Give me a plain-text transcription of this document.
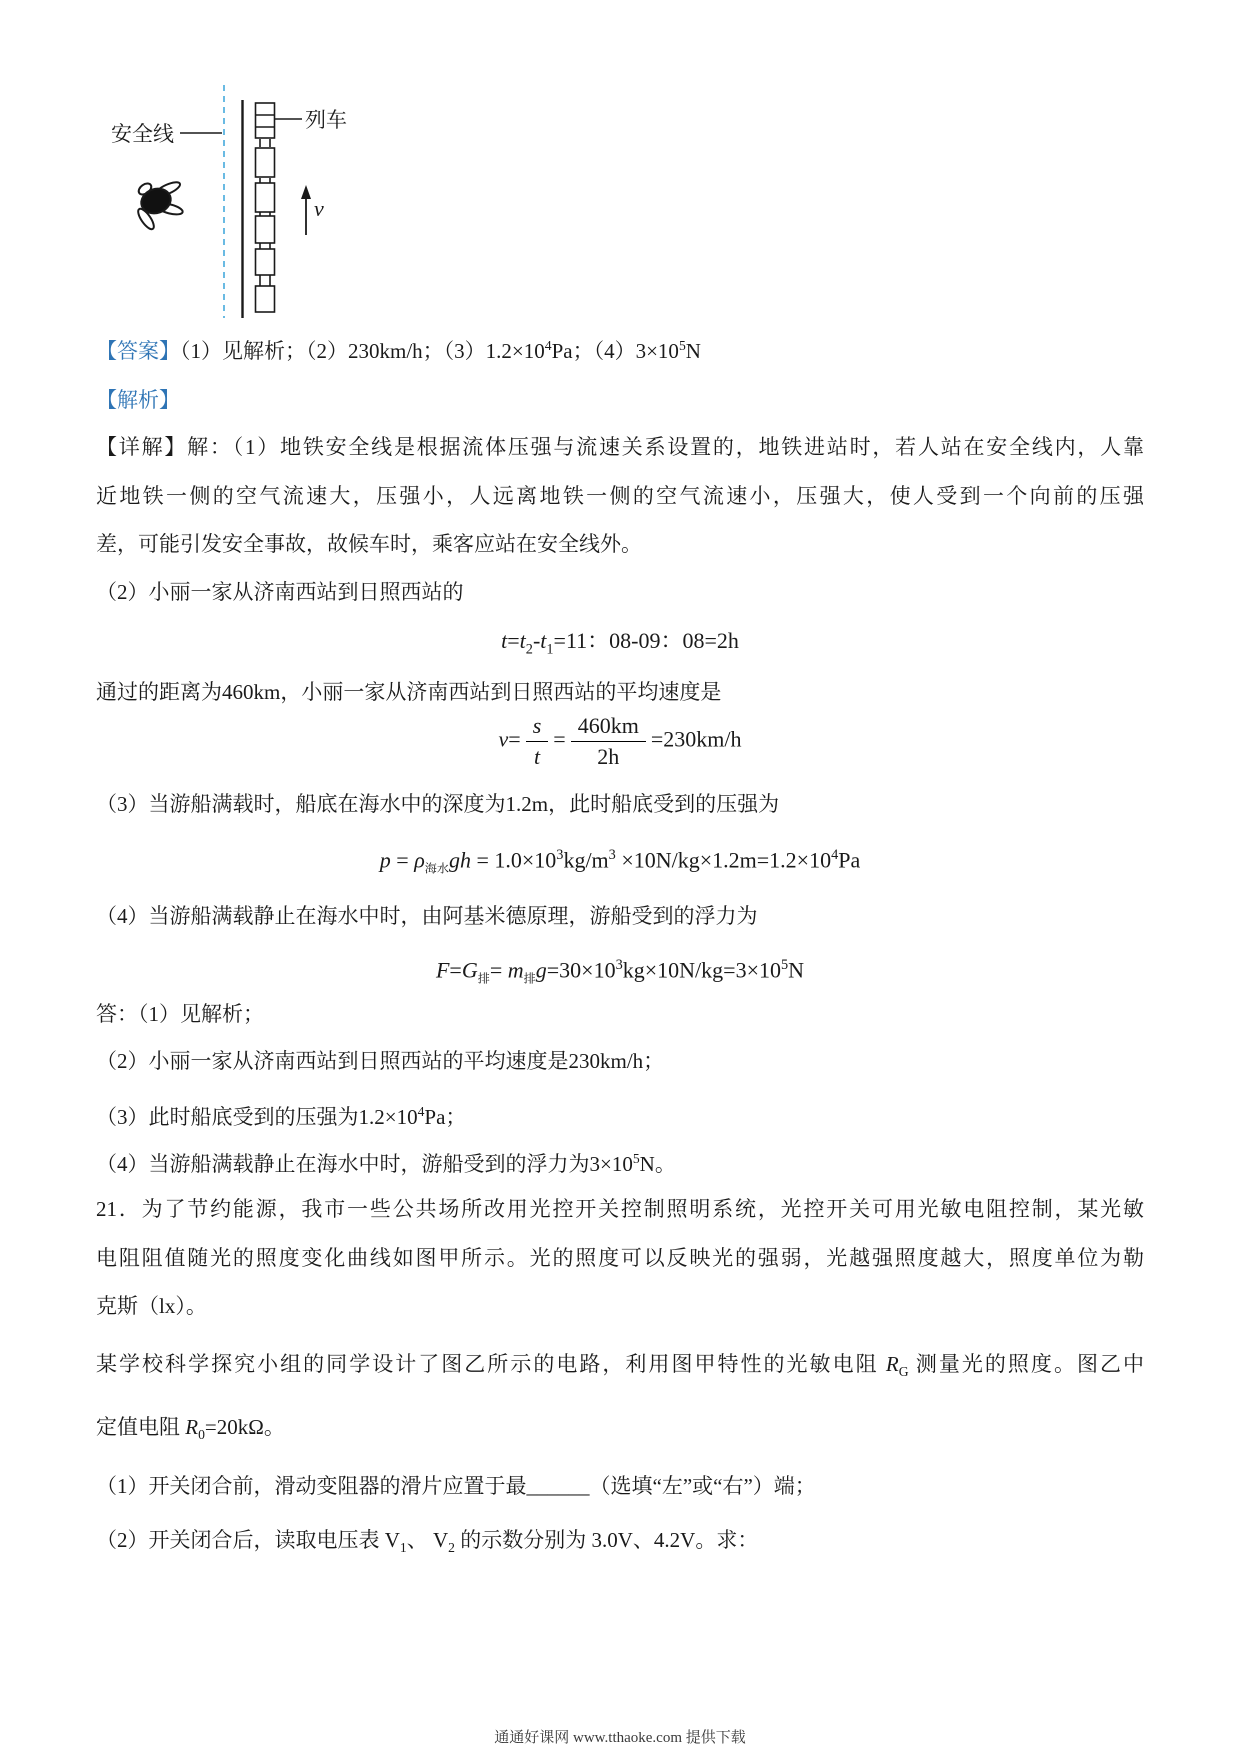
安全线
列车
v
【答案】（1）见解析；（2）230km/h；$(3)1.2\times 10^4Pa$；$(4)3\times 10^5N$
【解析】
【详解】解：（1）地铁安全线是根据流体压强与流速关系设置的，地铁进站时，若人站在安全线内，人靠
近地铁一侧的空气流速大，压强小，人远离地铁一侧的空气流速小，压强大，使人受到一个向前的压强
差，可能引发安全事故，故候车时，乘客应站在安全线外。
（2）小丽一家从济南西站到日照西站的
$t=t_2-t_1=11$：08-09：08=2h
通过的距离为460km，小丽一家从济南西站到日照西站的平均速度是
$v= \frac{s}{t} = \frac{460km}{2h} =230km/h$
（3）当游船满载时，船底在海水中的深度为1.2m，此时船底受到的压强为
$p = \rho_{海水}gh = 1.0\times 10^3kg/m^3 \times 10N/kg\times 1.2m=1.2\times 10^4Pa$
（4）当游船满载静止在海水中时，由阿基米德原理，游船受到的浮力为
$F=G_排= m_排g=30\times 10^3kg\times 10N/kg=3\times 10^5N$
答：（1）见解析；
（2）小丽一家从济南西站到日照西站的平均速度是230km/h；
（3）此时船底受到的压强为$1.2\times 10^4Pa$；
（4）当游船满载静止在海水中时，游船受到的浮力为$3\times 10^5N$。
21．为了节约能源，我市一些公共场所改用光控开关控制照明系统，光控开关可用光敏电阻控制，某光敏
电阻阻值随光的照度变化曲线如图甲所示。光的照度可以反映光的强弱，光越强照度越大，照度单位为勒
克斯（lx）。
某学校科学探究小组的同学设计了图乙所示的电路，利用图甲特性的光敏电阻 $R_G$ 测量光的照度。图乙中
定值电阻 $R_0=20k\Omega$。
（1）开关闭合前，滑动变阻器的滑片应置于最______（选填“左”或“右”）端；
（2）开关闭合后，读取电压表 $V_1$、 $V_2$ 的示数分别为 3.0V、4.2V。求：
通通好课网 www.tthaoke.com 提供下载
